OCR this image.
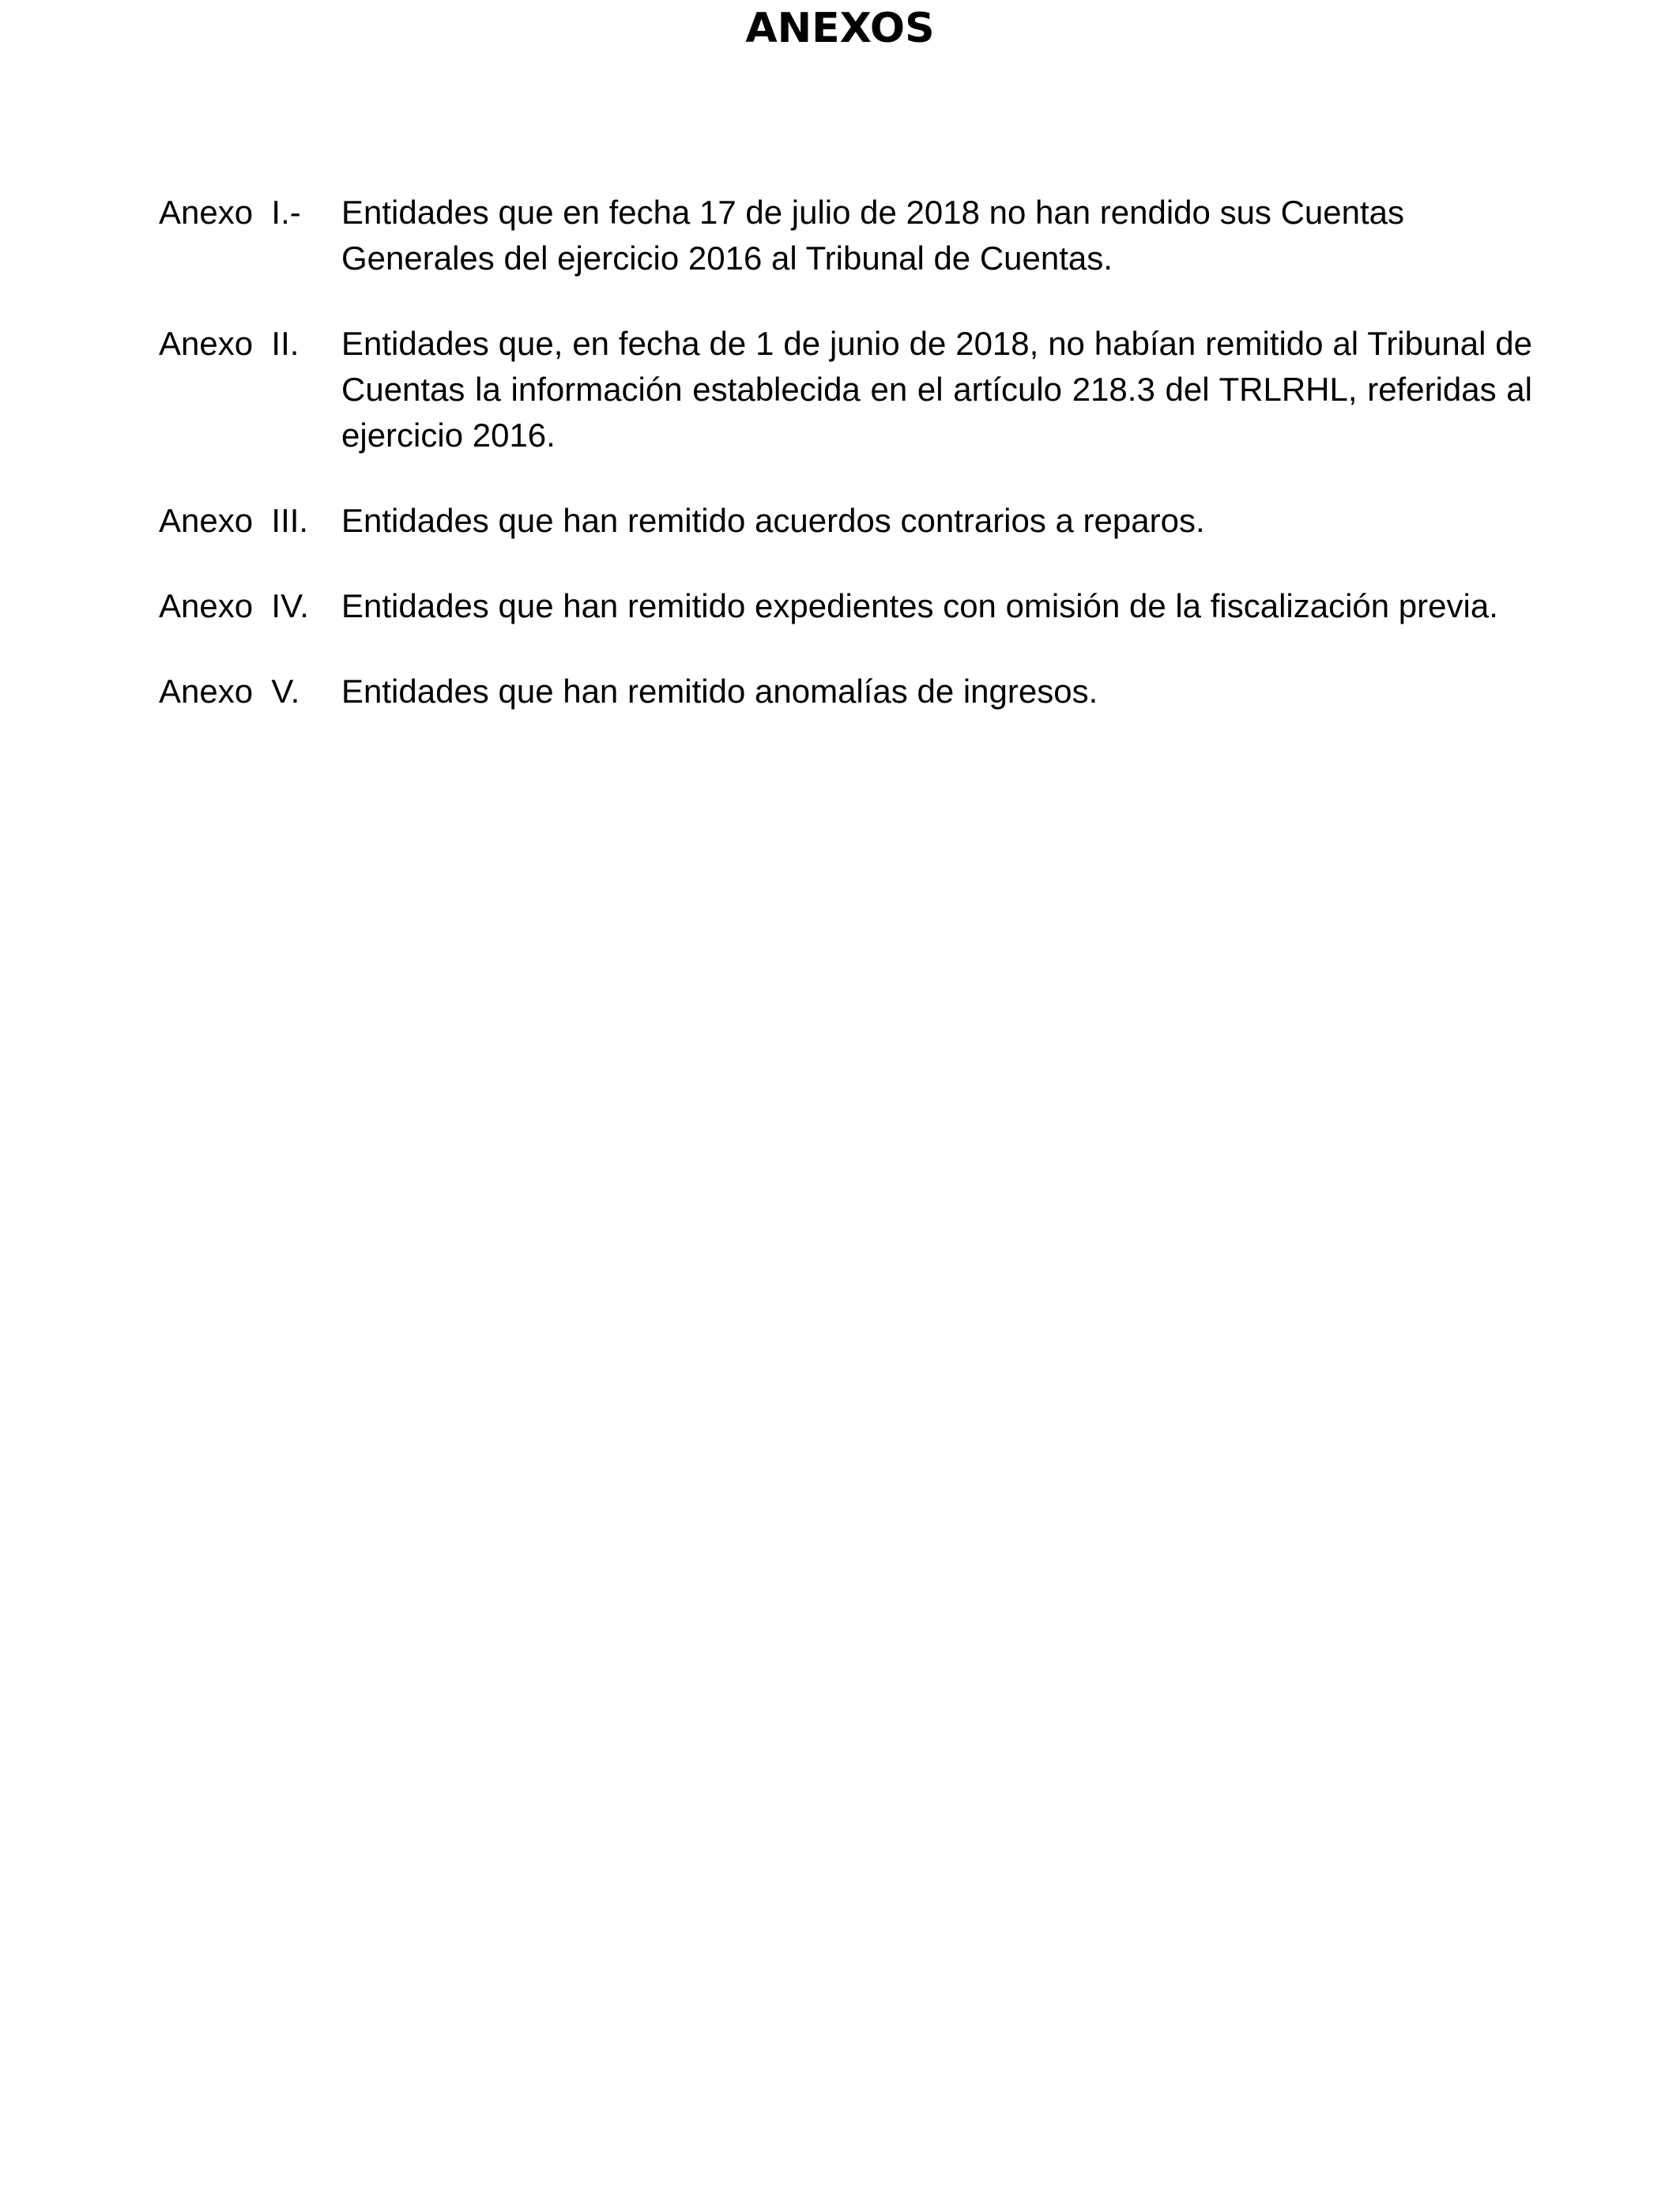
ANEXOS
Anexo  I.-	Entidades que en fecha 17 de julio de 2018 no han rendido sus Cuentas Generales del ejercicio 2016 al Tribunal de Cuentas.
Anexo  II.	Entidades que, en fecha de 1 de junio de 2018, no habían remitido al Tribunal de Cuentas la información establecida en el artículo 218.3 del TRLRHL, referidas al ejercicio 2016.
Anexo  III. Entidades que han remitido acuerdos contrarios a reparos.
Anexo  IV. Entidades que han remitido expedientes con omisión de la fiscalización previa.
Anexo  V.	Entidades que han remitido anomalías de ingresos.
